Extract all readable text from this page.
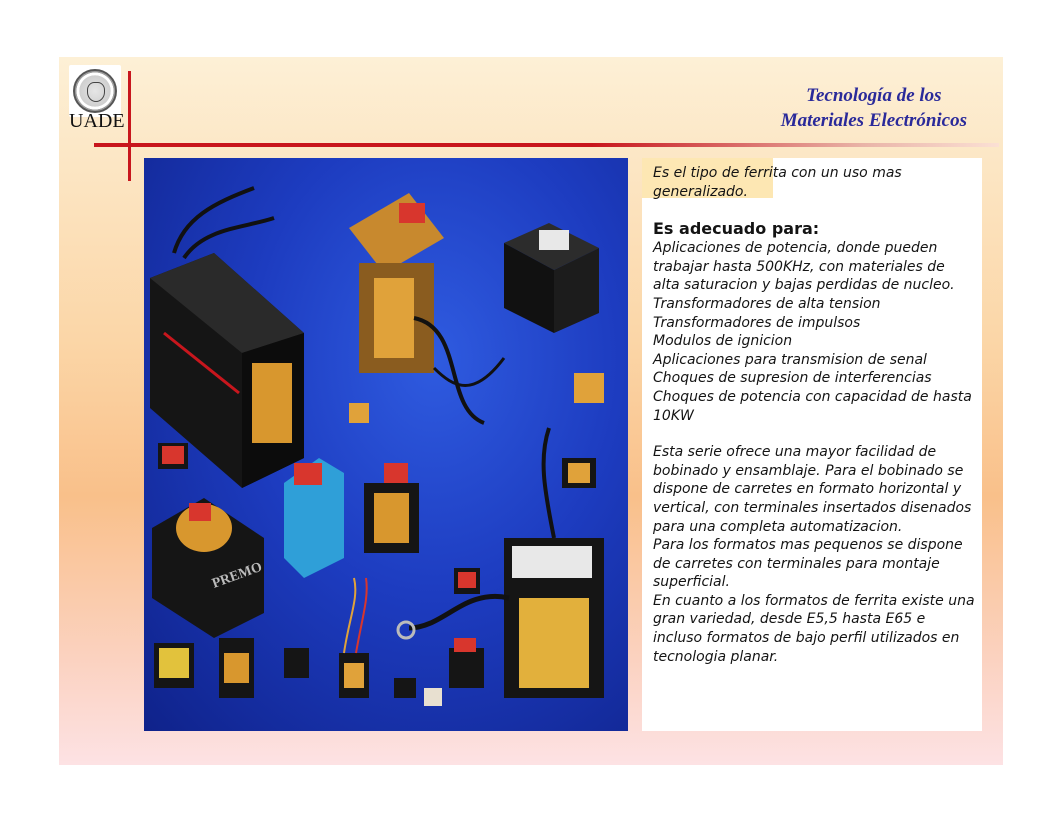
UADE
Tecnología de los
Materiales Electrónicos
PREMO

Es el tipo de ferrita con un uso mas generalizado.

Es adecuado para:

Aplicaciones de potencia, donde pueden trabajar hasta 500KHz, con materiales de alta saturacion y bajas perdidas de nucleo.

Transformadores de alta tension

Transformadores de impulsos

Modulos de ignicion

Aplicaciones para transmision de senal

Choques de supresion de interferencias

Choques de potencia con capacidad de hasta 10KW

Esta serie ofrece una mayor facilidad de bobinado y ensamblaje. Para el bobinado se dispone de carretes en formato horizontal y vertical, con terminales insertados disenados para una completa automatizacion.

Para los formatos mas pequenos se dispone de carretes con terminales para montaje superficial.

En cuanto a los formatos de ferrita existe una gran variedad, desde E5,5 hasta E65 e incluso formatos de bajo perfil utilizados en tecnologia planar.
